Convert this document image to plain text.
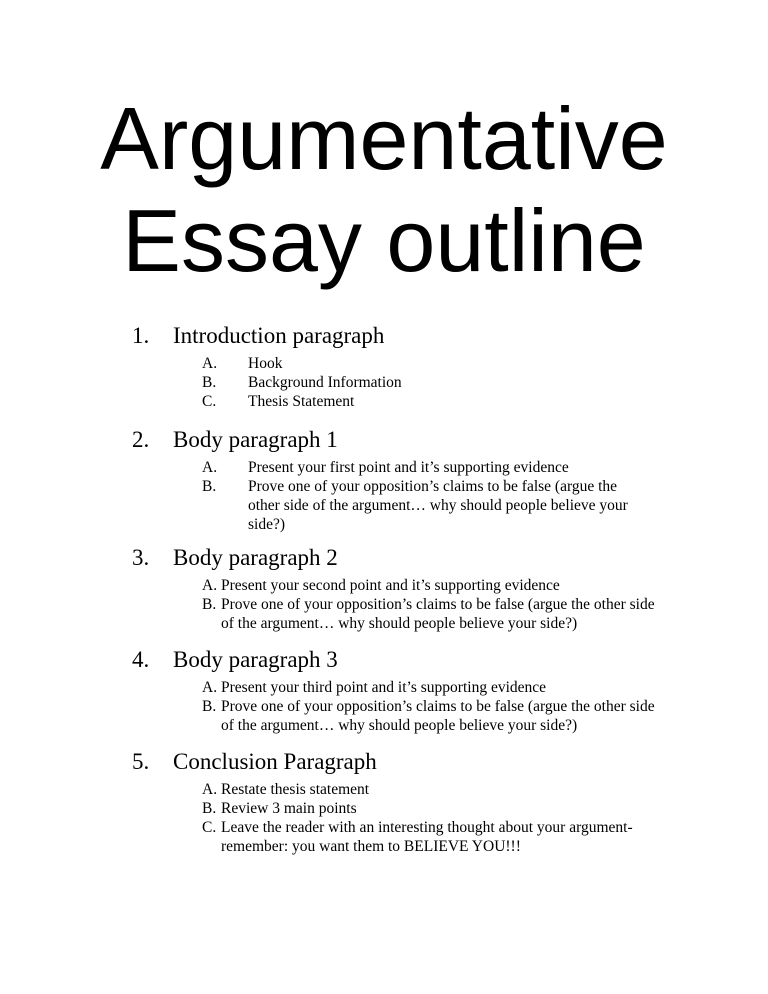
Argumentative
Essay outline
1.	Introduction paragraph
A.	Hook
B.	Background Information
C.	Thesis Statement
2.	Body paragraph 1
A.	Present your first point and it’s supporting evidence
B.	Prove one of your opposition’s claims to be false (argue the other side of the argument… why should people believe your side?)
3.	Body paragraph 2
A. Present your second point and it’s supporting evidence
B. Prove one of your opposition’s claims to be false (argue the other side of the argument… why should people believe your side?)
4.	Body paragraph 3
A. Present your third point and it’s supporting evidence
B. Prove one of your opposition’s claims to be false (argue the other side of the argument… why should people believe your side?)
5.	Conclusion Paragraph
A. Restate thesis statement
B. Review 3 main points
C. Leave the reader with an interesting thought about your argument- remember: you want them to BELIEVE YOU!!!
